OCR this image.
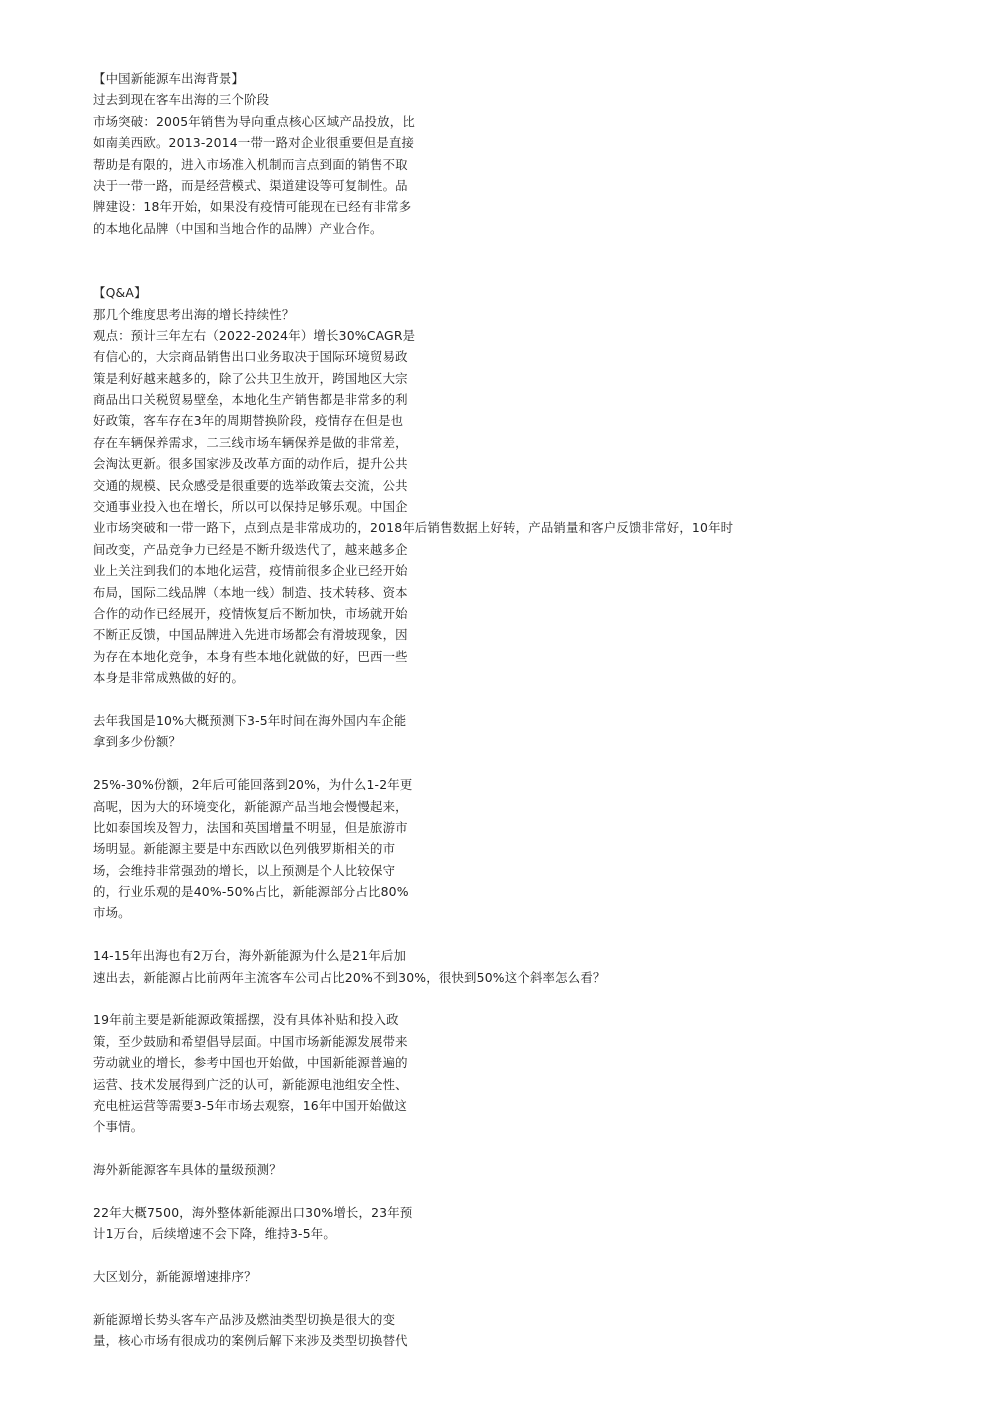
【中国新能源车出海背景】
过去到现在客车出海的三个阶段
市场突破：2005年销售为导向重点核心区域产品投放，比
如南美西欧。2013-2014一带一路对企业很重要但是直接
帮助是有限的，进入市场准入机制而言点到面的销售不取
决于一带一路，而是经营模式、渠道建设等可复制性。品
牌建设：18年开始，如果没有疫情可能现在已经有非常多
的本地化品牌（中国和当地合作的品牌）产业合作。
【Q&A】
那几个维度思考出海的增长持续性？
观点：预计三年左右（2022-2024年）增长30%CAGR是
有信心的，大宗商品销售出口业务取决于国际环境贸易政
策是利好越来越多的，除了公共卫生放开，跨国地区大宗
商品出口关税贸易壁垒，本地化生产销售都是非常多的利
好政策，客车存在3年的周期替换阶段，疫情存在但是也
存在车辆保养需求，二三线市场车辆保养是做的非常差，
会淘汰更新。很多国家涉及改革方面的动作后，提升公共
交通的规模、民众感受是很重要的选举政策去交流，公共
交通事业投入也在增长，所以可以保持足够乐观。中国企
业市场突破和一带一路下，点到点是非常成功的，2018年后销售数据上好转，产品销量和客户反馈非常好，10年时
间改变，产品竞争力已经是不断升级迭代了，越来越多企
业上关注到我们的本地化运营，疫情前很多企业已经开始
布局，国际二线品牌（本地一线）制造、技术转移、资本
合作的动作已经展开，疫情恢复后不断加快，市场就开始
不断正反馈，中国品牌进入先进市场都会有滑坡现象，因
为存在本地化竞争，本身有些本地化就做的好，巴西一些
本身是非常成熟做的好的。
去年我国是10%大概预测下3-5年时间在海外国内车企能
拿到多少份额？
25%-30%份额，2年后可能回落到20%，为什么1-2年更
高呢，因为大的环境变化，新能源产品当地会慢慢起来，
比如泰国埃及智力，法国和英国增量不明显，但是旅游市
场明显。新能源主要是中东西欧以色列俄罗斯相关的市
场，会维持非常强劲的增长，以上预测是个人比较保守
的，行业乐观的是40%-50%占比，新能源部分占比80%
市场。
14-15年出海也有2万台，海外新能源为什么是21年后加
速出去，新能源占比前两年主流客车公司占比20%不到30%，很快到50%这个斜率怎么看？
19年前主要是新能源政策摇摆，没有具体补贴和投入政
策，至少鼓励和希望倡导层面。中国市场新能源发展带来
劳动就业的增长，参考中国也开始做，中国新能源普遍的
运营、技术发展得到广泛的认可，新能源电池组安全性、
充电桩运营等需要3-5年市场去观察，16年中国开始做这
个事情。
海外新能源客车具体的量级预测？
22年大概7500，海外整体新能源出口30%增长，23年预
计1万台，后续增速不会下降，维持3-5年。
大区划分，新能源增速排序？
新能源增长势头客车产品涉及燃油类型切换是很大的变
量，核心市场有很成功的案例后解下来涉及类型切换替代
